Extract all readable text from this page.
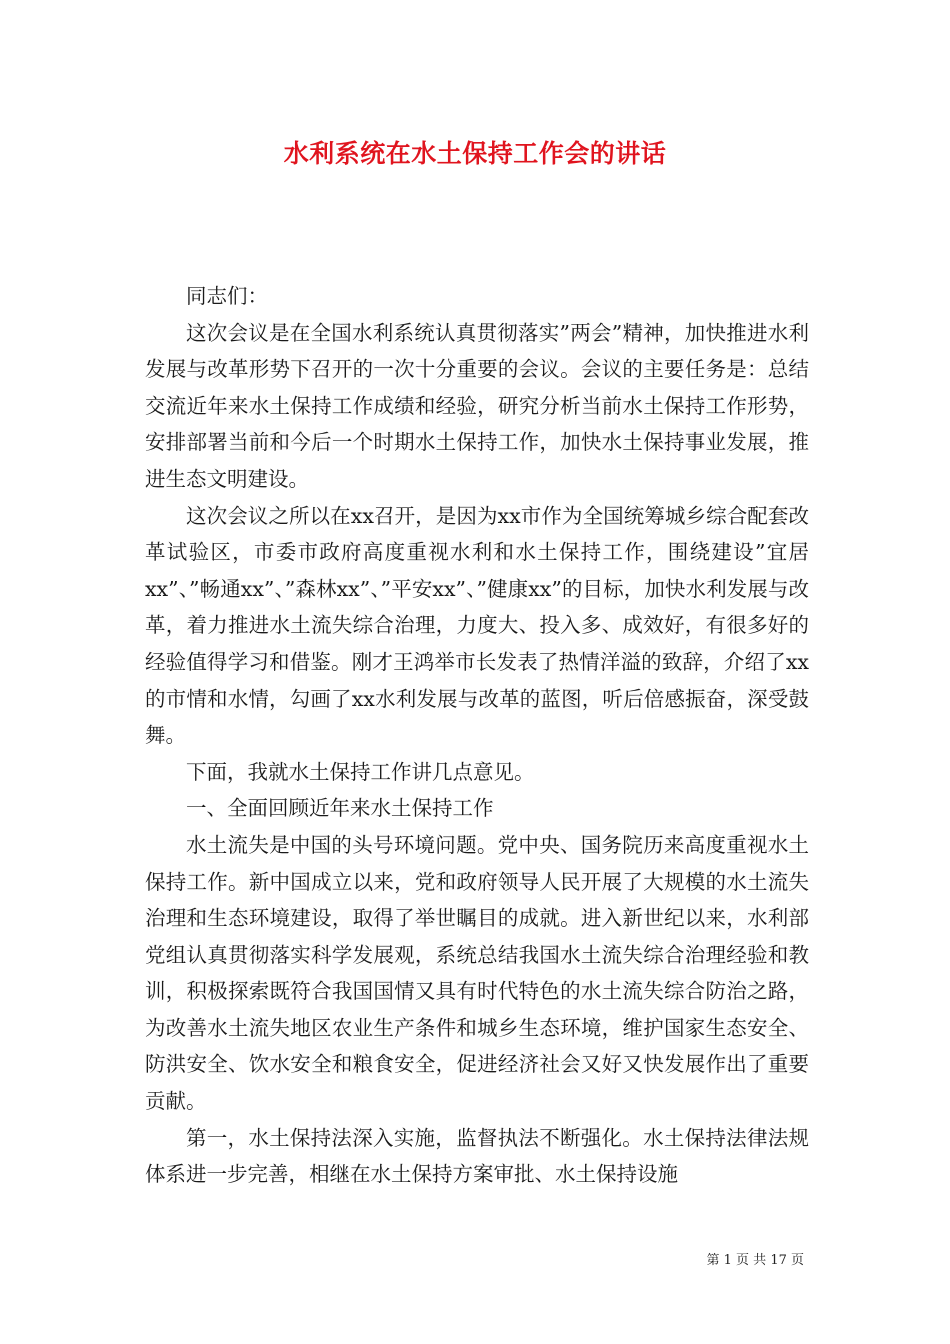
水利系统在水土保持工作会的讲话

同志们：

这次会议是在全国水利系统认真贯彻落实”两会”精神，加快推进水利发展与改革形势下召开的一次十分重要的会议。会议的主要任务是：总结交流近年来水土保持工作成绩和经验，研究分析当前水土保持工作形势，安排部署当前和今后一个时期水土保持工作，加快水土保持事业发展，推进生态文明建设。

这次会议之所以在xx召开，是因为xx市作为全国统筹城乡综合配套改革试验区，市委市政府高度重视水利和水土保持工作，围绕建设”宜居xx”、”畅通xx”、”森林xx”、”平安xx”、”健康xx”的目标，加快水利发展与改革，着力推进水土流失综合治理，力度大、投入多、成效好，有很多好的经验值得学习和借鉴。刚才王鸿举市长发表了热情洋溢的致辞，介绍了xx的市情和水情，勾画了xx水利发展与改革的蓝图，听后倍感振奋，深受鼓舞。

下面，我就水土保持工作讲几点意见。

一、全面回顾近年来水土保持工作

水土流失是中国的头号环境问题。党中央、国务院历来高度重视水土保持工作。新中国成立以来，党和政府领导人民开展了大规模的水土流失治理和生态环境建设，取得了举世瞩目的成就。进入新世纪以来，水利部党组认真贯彻落实科学发展观，系统总结我国水土流失综合治理经验和教训，积极探索既符合我国国情又具有时代特色的水土流失综合防治之路，为改善水土流失地区农业生产条件和城乡生态环境，维护国家生态安全、防洪安全、饮水安全和粮食安全，促进经济社会又好又快发展作出了重要贡献。

第一，水土保持法深入实施，监督执法不断强化。水土保持法律法规体系进一步完善，相继在水土保持方案审批、水土保持设施

第 1 页 共 17 页
